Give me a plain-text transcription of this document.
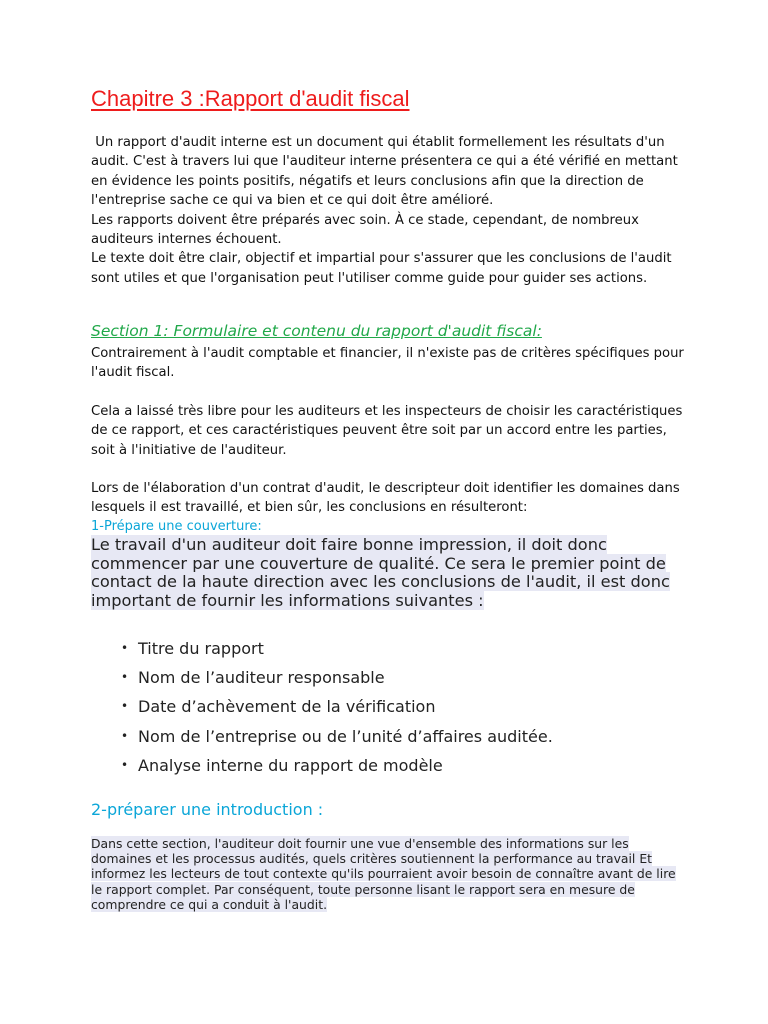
Chapitre 3 :Rapport d'audit fiscal

Un rapport d'audit interne est un document qui établit formellement les résultats d'un audit. C'est à travers lui que l'auditeur interne présentera ce qui a été vérifié en mettant en évidence les points positifs, négatifs et leurs conclusions afin que la direction de l'entreprise sache ce qui va bien et ce qui doit être amélioré.

Les rapports doivent être préparés avec soin. À ce stade, cependant, de nombreux auditeurs internes échouent.

Le texte doit être clair, objectif et impartial pour s'assurer que les conclusions de l'audit sont utiles et que l'organisation peut l'utiliser comme guide pour guider ses actions.

Section 1: Formulaire et contenu du rapport d'audit fiscal:

Contrairement à l'audit comptable et financier, il n'existe pas de critères spécifiques pour l'audit fiscal.

Cela a laissé très libre pour les auditeurs et les inspecteurs de choisir les caractéristiques de ce rapport, et ces caractéristiques peuvent être soit par un accord entre les parties, soit à l'initiative de l'auditeur.

Lors de l'élaboration d'un contrat d'audit, le descripteur doit identifier les domaines dans lesquels il est travaillé, et bien sûr, les conclusions en résulteront:

1-Prépare une couverture:

Le travail d'un auditeur doit faire bonne impression, il doit donc commencer par une couverture de qualité. Ce sera le premier point de contact de la haute direction avec les conclusions de l'audit, il est donc important de fournir les informations suivantes :

• Titre du rapport
• Nom de l’auditeur responsable
• Date d’achèvement de la vérification
• Nom de l’entreprise ou de l’unité d’affaires auditée.
• Analyse interne du rapport de modèle
2-préparer une introduction :

Dans cette section, l'auditeur doit fournir une vue d'ensemble des informations sur les domaines et les processus audités, quels critères soutiennent la performance au travail Et informez les lecteurs de tout contexte qu'ils pourraient avoir besoin de connaître avant de lire le rapport complet. Par conséquent, toute personne lisant le rapport sera en mesure de comprendre ce qui a conduit à l'audit.
